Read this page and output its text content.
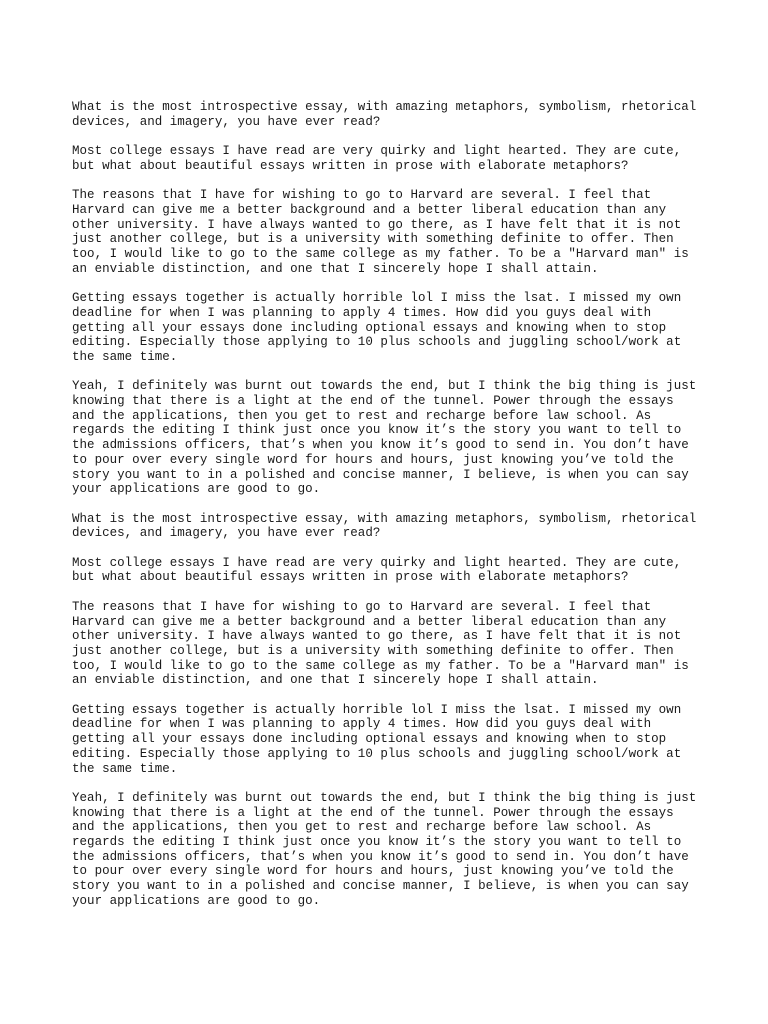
What is the most introspective essay, with amazing metaphors, symbolism, rhetorical
devices, and imagery, you have ever read?

Most college essays I have read are very quirky and light hearted. They are cute,
but what about beautiful essays written in prose with elaborate metaphors?

The reasons that I have for wishing to go to Harvard are several. I feel that
Harvard can give me a better background and a better liberal education than any
other university. I have always wanted to go there, as I have felt that it is not
just another college, but is a university with something definite to offer. Then
too, I would like to go to the same college as my father. To be a "Harvard man" is
an enviable distinction, and one that I sincerely hope I shall attain.

Getting essays together is actually horrible lol I miss the lsat. I missed my own
deadline for when I was planning to apply 4 times. How did you guys deal with
getting all your essays done including optional essays and knowing when to stop
editing. Especially those applying to 10 plus schools and juggling school/work at
the same time.

Yeah, I definitely was burnt out towards the end, but I think the big thing is just
knowing that there is a light at the end of the tunnel. Power through the essays
and the applications, then you get to rest and recharge before law school. As
regards the editing I think just once you know it’s the story you want to tell to
the admissions officers, that’s when you know it’s good to send in. You don’t have
to pour over every single word for hours and hours, just knowing you’ve told the
story you want to in a polished and concise manner, I believe, is when you can say
your applications are good to go.

What is the most introspective essay, with amazing metaphors, symbolism, rhetorical
devices, and imagery, you have ever read?

Most college essays I have read are very quirky and light hearted. They are cute,
but what about beautiful essays written in prose with elaborate metaphors?

The reasons that I have for wishing to go to Harvard are several. I feel that
Harvard can give me a better background and a better liberal education than any
other university. I have always wanted to go there, as I have felt that it is not
just another college, but is a university with something definite to offer. Then
too, I would like to go to the same college as my father. To be a "Harvard man" is
an enviable distinction, and one that I sincerely hope I shall attain.

Getting essays together is actually horrible lol I miss the lsat. I missed my own
deadline for when I was planning to apply 4 times. How did you guys deal with
getting all your essays done including optional essays and knowing when to stop
editing. Especially those applying to 10 plus schools and juggling school/work at
the same time.

Yeah, I definitely was burnt out towards the end, but I think the big thing is just
knowing that there is a light at the end of the tunnel. Power through the essays
and the applications, then you get to rest and recharge before law school. As
regards the editing I think just once you know it’s the story you want to tell to
the admissions officers, that’s when you know it’s good to send in. You don’t have
to pour over every single word for hours and hours, just knowing you’ve told the
story you want to in a polished and concise manner, I believe, is when you can say
your applications are good to go.
